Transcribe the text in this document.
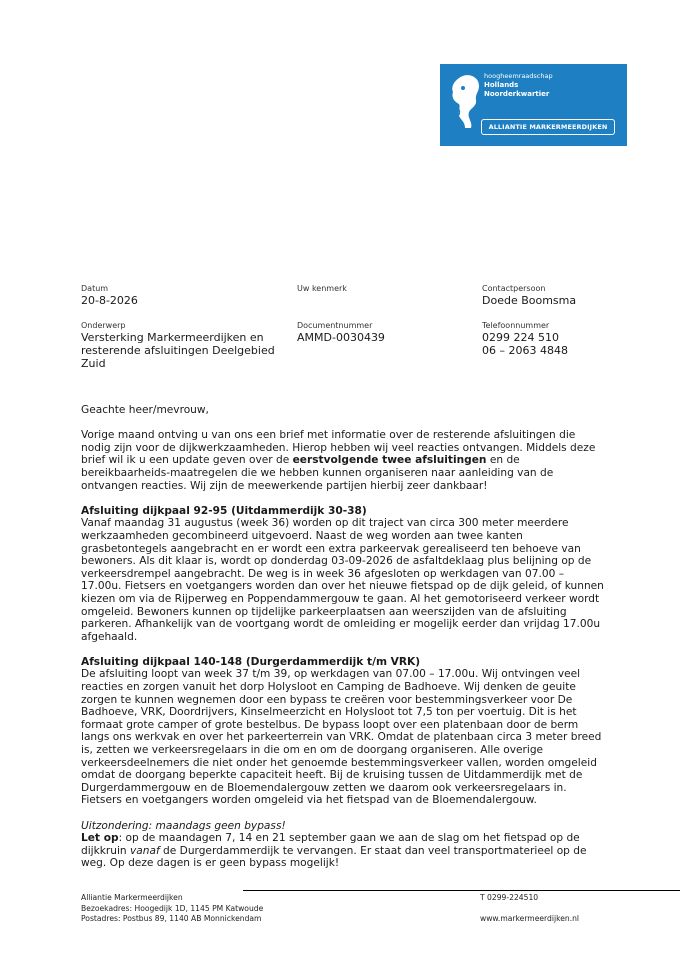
hoogheemraadschap
Hollands
Noorderkwartier
ALLIANTIE MARKERMEERDIJKEN
Datum
20-8-2026
Uw kenmerk	Contactpersoon
Doede Boomsma
Onderwerp
Versterking Markermeerdijken en
resterende afsluitingen Deelgebied
Zuid
Documentnummer
AMMD-0030439
Telefoonnummer
0299 224 510
06 – 2063 4848

Geachte heer/mevrouw,

Vorige maand ontving u van ons een brief met informatie over de resterende afsluitingen die nodig zijn voor de dijkwerkzaamheden. Hierop hebben wij veel reacties ontvangen. Middels deze brief wil ik u een update geven over de eerstvolgende twee afsluitingen en de bereikbaarheids-maatregelen die we hebben kunnen organiseren naar aanleiding van de ontvangen reacties. Wij zijn de meewerkende partijen hierbij zeer dankbaar!

Afsluiting dijkpaal 92-95 (Uitdammerdijk 30-38)

Vanaf maandag 31 augustus (week 36) worden op dit traject van circa 300 meter meerdere werkzaamheden gecombineerd uitgevoerd. Naast de weg worden aan twee kanten grasbetontegels aangebracht en er wordt een extra parkeervak gerealiseerd ten behoeve van bewoners. Als dit klaar is, wordt op donderdag 03-09-2026 de asfaltdeklaag plus belijning op de verkeersdrempel aangebracht. De weg is in week 36 afgesloten op werkdagen van 07.00 – 17.00u. Fietsers en voetgangers worden dan over het nieuwe fietspad op de dijk geleid, of kunnen kiezen om via de Rijperweg en Poppendammergouw te gaan. Al het gemotoriseerd verkeer wordt omgeleid. Bewoners kunnen op tijdelijke parkeerplaatsen aan weerszijden van de afsluiting parkeren. Afhankelijk van de voortgang wordt de omleiding er mogelijk eerder dan vrijdag 17.00u afgehaald.

Afsluiting dijkpaal 140-148 (Durgerdammerdijk t/m VRK)

De afsluiting loopt van week 37 t/m 39, op werkdagen van 07.00 – 17.00u. Wij ontvingen veel reacties en zorgen vanuit het dorp Holysloot en Camping de Badhoeve. Wij denken de geuite zorgen te kunnen wegnemen door een bypass te creëren voor bestemmingsverkeer voor De Badhoeve, VRK, Doordrijvers, Kinselmeerzicht en Holysloot tot 7,5 ton per voertuig. Dit is het formaat grote camper of grote bestelbus. De bypass loopt over een platenbaan door de berm langs ons werkvak en over het parkeerterrein van VRK. Omdat de platenbaan circa 3 meter breed is, zetten we verkeersregelaars in die om en om de doorgang organiseren. Alle overige verkeersdeelnemers die niet onder het genoemde bestemmingsverkeer vallen, worden omgeleid omdat de doorgang beperkte capaciteit heeft. Bij de kruising tussen de Uitdammerdijk met de Durgerdammergouw en de Bloemendalergouw zetten we daarom ook verkeersregelaars in. Fietsers en voetgangers worden omgeleid via het fietspad van de Bloemendalergouw.

Uitzondering: maandags geen bypass!

Let op: op de maandagen 7, 14 en 21 september gaan we aan de slag om het fietspad op de dijkkruin vanaf de Durgerdammerdijk te vervangen. Er staat dan veel transportmaterieel op de weg. Op deze dagen is er geen bypass mogelijk!

Alliantie Markermeerdijken
Bezoekadres: Hoogedijk 1D, 1145 PM Katwoude
Postadres: Postbus 89, 1140 AB Monnickendam
T 0299-224510
www.markermeerdijken.nl
